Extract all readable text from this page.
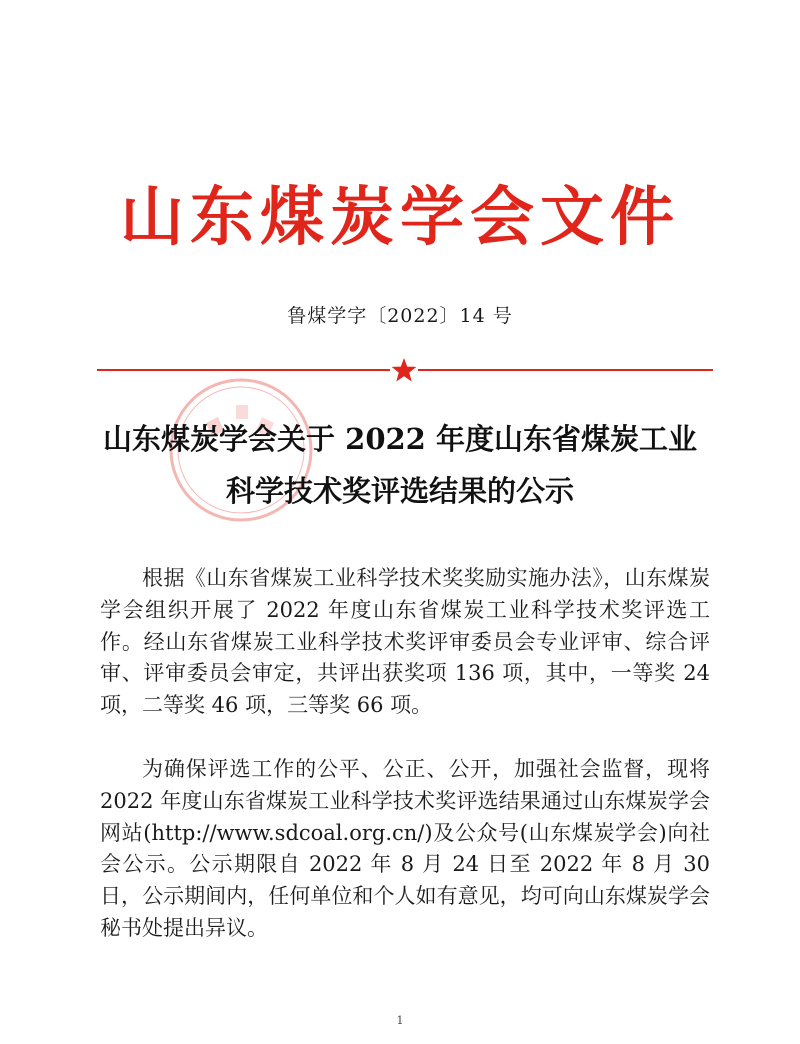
山东煤炭学会文件
鲁煤学字〔2022〕14 号
山东煤炭学会关于 2022 年度山东省煤炭工业
科学技术奖评选结果的公示
根据《山东省煤炭工业科学技术奖奖励实施办法》，山东煤炭学会组织开展了 2022 年度山东省煤炭工业科学技术奖评选工作。经山东省煤炭工业科学技术奖评审委员会专业评审、综合评审、评审委员会审定，共评出获奖项 136 项，其中，一等奖 24 项，二等奖 46 项，三等奖 66 项。
为确保评选工作的公平、公正、公开，加强社会监督，现将 2022 年度山东省煤炭工业科学技术奖评选结果通过山东煤炭学会网站(http://www.sdcoal.org.cn/)及公众号(山东煤炭学会)向社会公示。公示期限自 2022 年 8 月 24 日至 2022 年 8 月 30 日，公示期间内，任何单位和个人如有意见，均可向山东煤炭学会秘书处提出异议。
1
